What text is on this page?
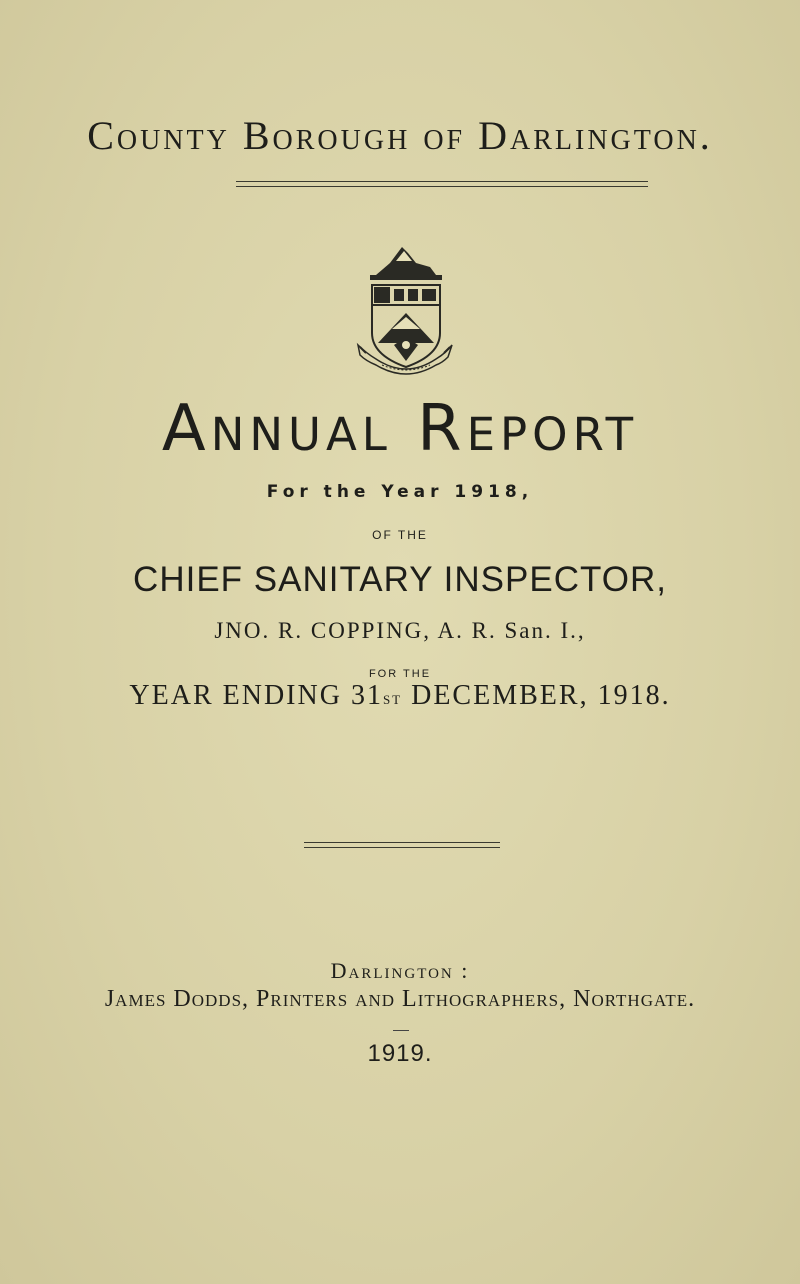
County Borough of Darlington.
Annual Report
For the Year 1918,
OF THE
CHIEF SANITARY INSPECTOR,
JNO. R. COPPING, A. R. San. I.,
FOR THE
YEAR ENDING 31st DECEMBER, 1918.
Darlington :
James Dodds, Printers and Lithographers, Northgate.
1919.
